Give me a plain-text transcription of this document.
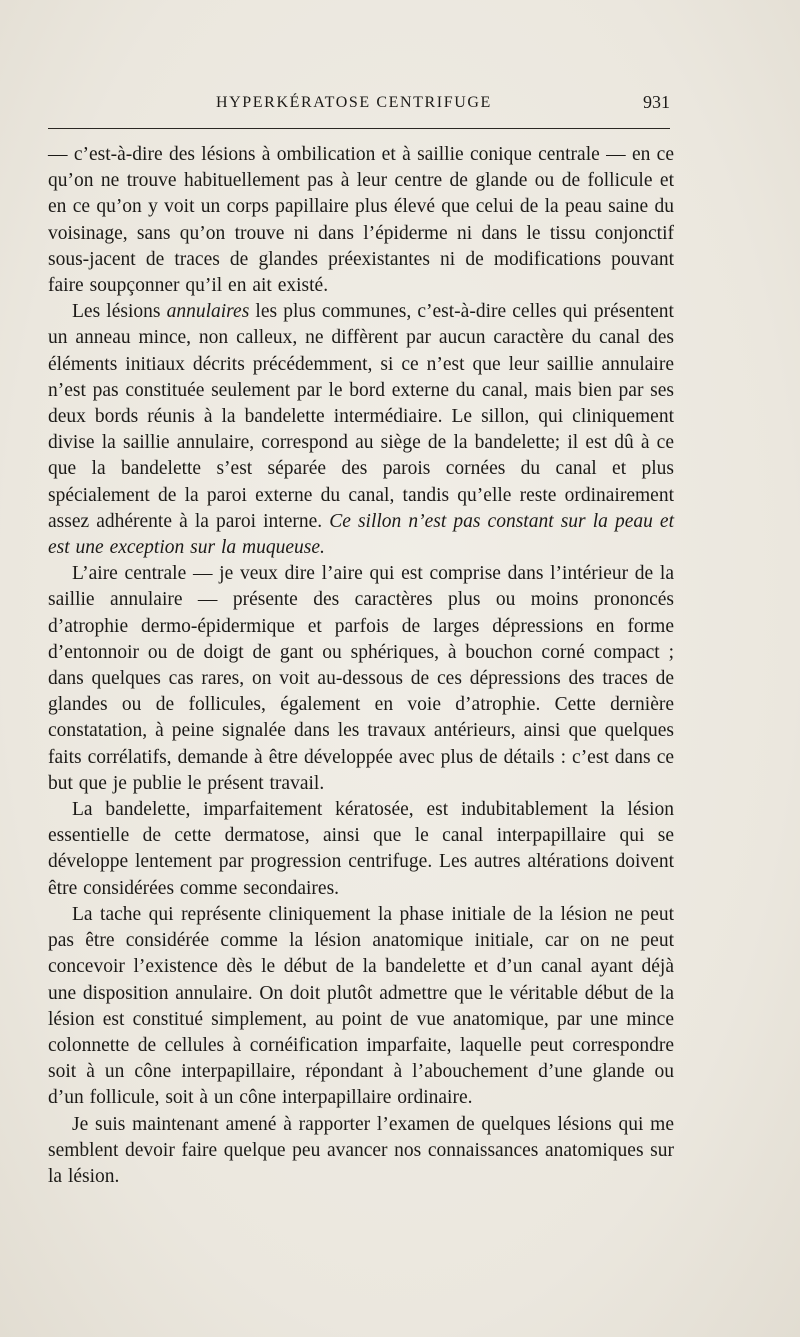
HYPERKÉRATOSE CENTRIFUGE	931

— c’est-à-dire des lésions à ombilication et à saillie conique centrale — en ce qu’on ne trouve habituellement pas à leur centre de glande ou de follicule et en ce qu’on y voit un corps papillaire plus élevé que celui de la peau saine du voisinage, sans qu’on trouve ni dans l’épiderme ni dans le tissu conjonctif sous-jacent de traces de glandes préexistantes ni de modifications pouvant faire soupçonner qu’il en ait existé.

Les lésions annulaires les plus communes, c’est-à-dire celles qui présentent un anneau mince, non calleux, ne diffèrent par aucun caractère du canal des éléments initiaux décrits précédemment, si ce n’est que leur saillie annulaire n’est pas constituée seulement par le bord externe du canal, mais bien par ses deux bords réunis à la bandelette intermédiaire. Le sillon, qui cliniquement divise la saillie annulaire, correspond au siège de la bandelette; il est dû à ce que la bandelette s’est séparée des parois cornées du canal et plus spécialement de la paroi externe du canal, tandis qu’elle reste ordinairement assez adhérente à la paroi interne. Ce sillon n’est pas constant sur la peau et est une exception sur la muqueuse.

L’aire centrale — je veux dire l’aire qui est comprise dans l’intérieur de la saillie annulaire — présente des caractères plus ou moins prononcés d’atrophie dermo-épidermique et parfois de larges dépressions en forme d’entonnoir ou de doigt de gant ou sphériques, à bouchon corné compact ; dans quelques cas rares, on voit au-dessous de ces dépressions des traces de glandes ou de follicules, également en voie d’atrophie. Cette dernière constatation, à peine signalée dans les travaux antérieurs, ainsi que quelques faits corrélatifs, demande à être développée avec plus de détails : c’est dans ce but que je publie le présent travail.

La bandelette, imparfaitement kératosée, est indubitablement la lésion essentielle de cette dermatose, ainsi que le canal interpapillaire qui se développe lentement par progression centrifuge. Les autres altérations doivent être considérées comme secondaires.

La tache qui représente cliniquement la phase initiale de la lésion ne peut pas être considérée comme la lésion anatomique initiale, car on ne peut concevoir l’existence dès le début de la bandelette et d’un canal ayant déjà une disposition annulaire. On doit plutôt admettre que le véritable début de la lésion est constitué simplement, au point de vue anatomique, par une mince colonnette de cellules à cornéification imparfaite, laquelle peut correspondre soit à un cône interpapillaire, répondant à l’abouchement d’une glande ou d’un follicule, soit à un cône interpapillaire ordinaire.

Je suis maintenant amené à rapporter l’examen de quelques lésions qui me semblent devoir faire quelque peu avancer nos connaissances anatomiques sur la lésion.
